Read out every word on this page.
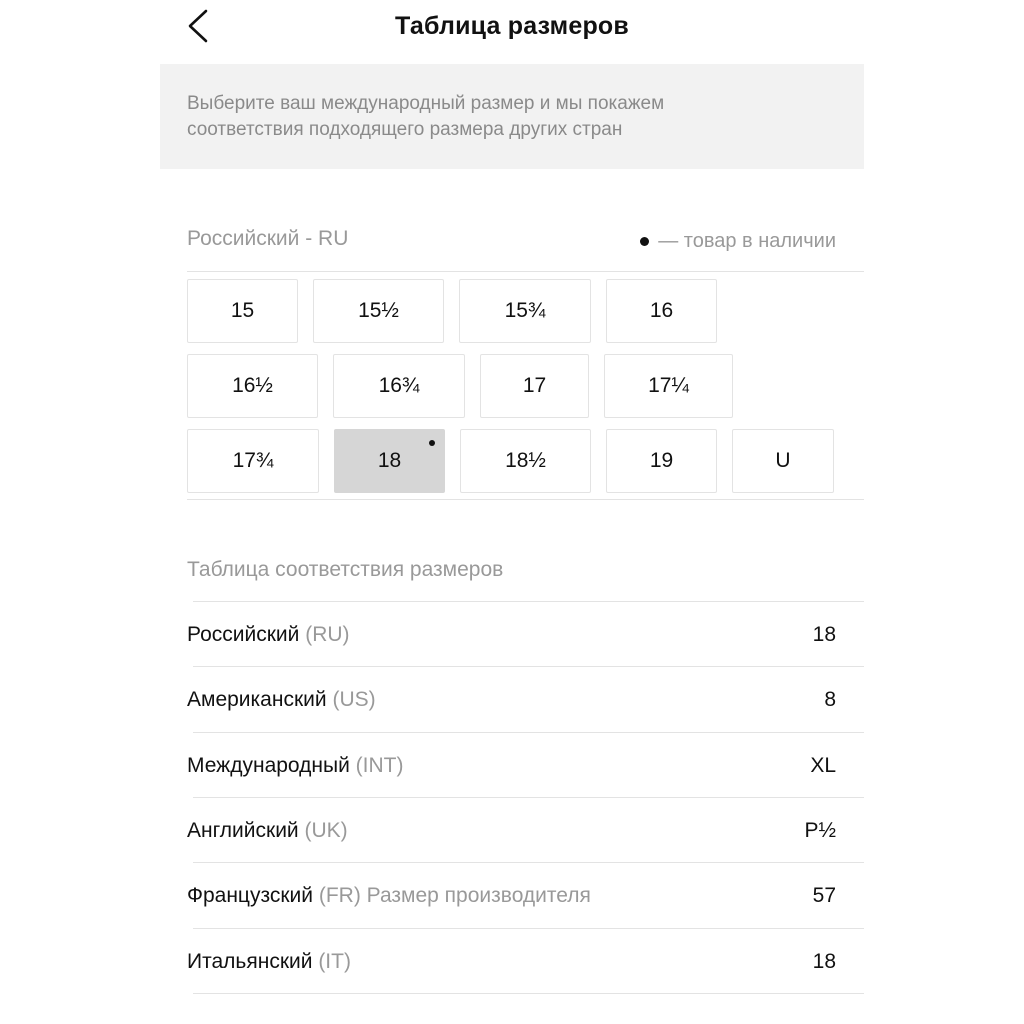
Таблица размеров
Выберите ваш международный размер и мы покажем
соответствия подходящего размера других стран
Российский - RU	— товар в наличии
15	15½	15¾	16
16½	16¾	17	17¼
17¾	18	18½	19	U
Таблица соответствия размеров
Российский (RU)	18
Американский (US)	8
Международный (INT)	XL
Английский (UK)	P½
Французский (FR) Размер производителя	57
Итальянский (IT)	18
